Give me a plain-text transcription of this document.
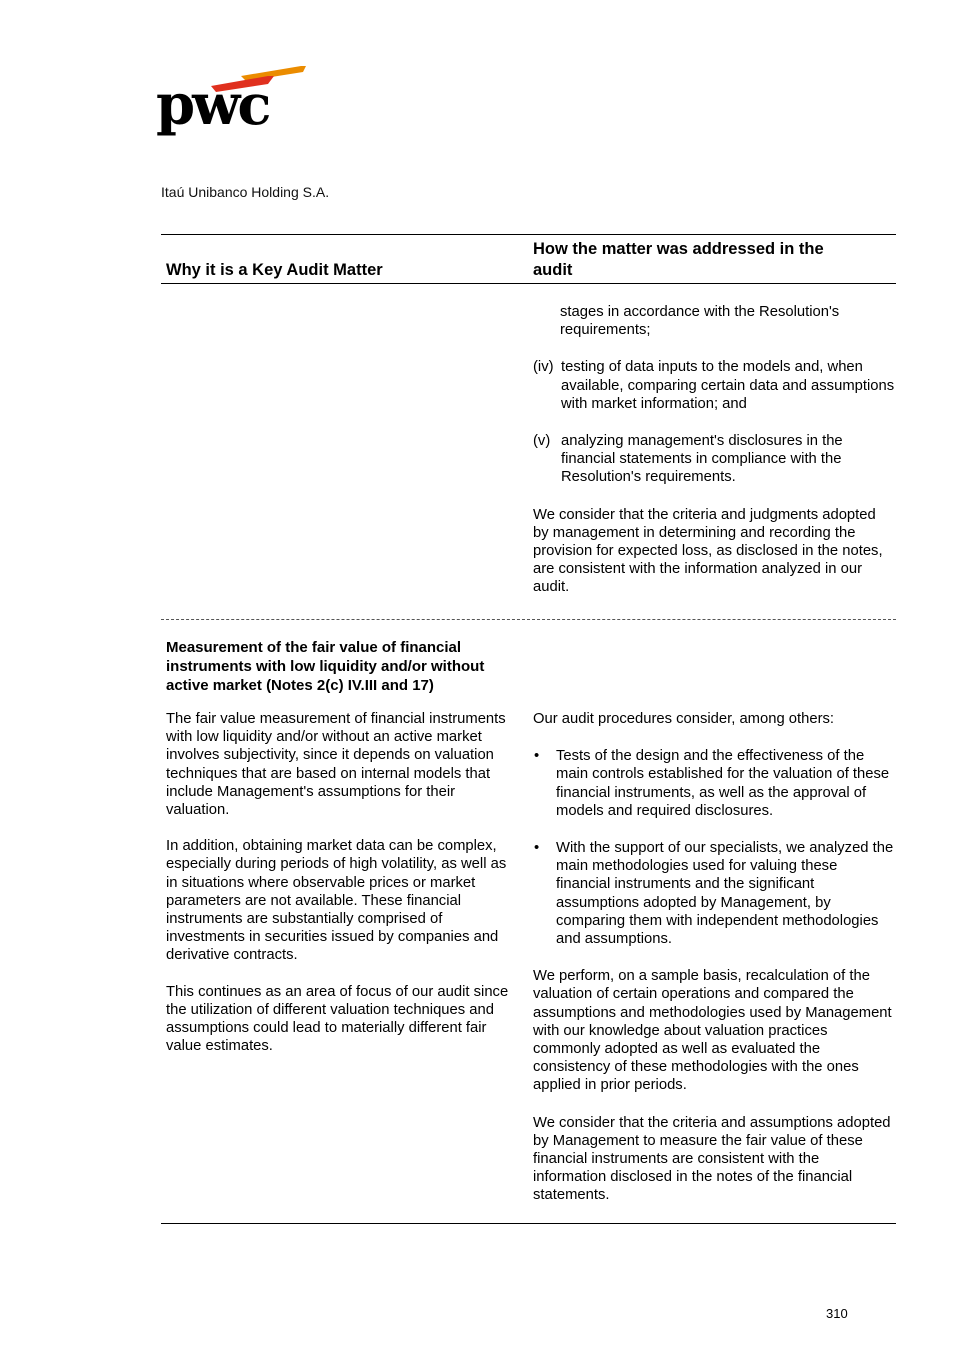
pwc
Itaú Unibanco Holding S.A.
Why it is a Key Audit Matter
How the matter was addressed in the audit

stages in accordance with the Resolution's requirements;

(iv) testing of data inputs to the models and, when available, comparing certain data and assumptions with market information; and
(v) analyzing management's disclosures in the financial statements in compliance with the Resolution's requirements.

We consider that the criteria and judgments adopted by management in determining and recording the provision for expected loss, as disclosed in the notes, are consistent with the information analyzed in our audit.

Measurement of the fair value of financial instruments with low liquidity and/or without active market (Notes 2(c) IV.III and 17)

The fair value measurement of financial instruments with low liquidity and/or without an active market involves subjectivity, since it depends on valuation techniques that are based on internal models that include Management's assumptions for their valuation.

In addition, obtaining market data can be complex, especially during periods of high volatility, as well as in situations where observable prices or market parameters are not available. These financial instruments are substantially comprised of investments in securities issued by companies and derivative contracts.

This continues as an area of focus of our audit since the utilization of different valuation techniques and assumptions could lead to materially different fair value estimates.

Our audit procedures consider, among others:

• Tests of the design and the effectiveness of the main controls established for the valuation of these financial instruments, as well as the approval of models and required disclosures.
• With the support of our specialists, we analyzed the main methodologies used for valuing these financial instruments and the significant assumptions adopted by Management, by comparing them with independent methodologies and assumptions.

We perform, on a sample basis, recalculation of the valuation of certain operations and compared the assumptions and methodologies used by Management with our knowledge about valuation practices commonly adopted as well as evaluated the consistency of these methodologies with the ones applied in prior periods.

We consider that the criteria and assumptions adopted by Management to measure the fair value of these financial instruments are consistent with the information disclosed in the notes of the financial statements.

310
